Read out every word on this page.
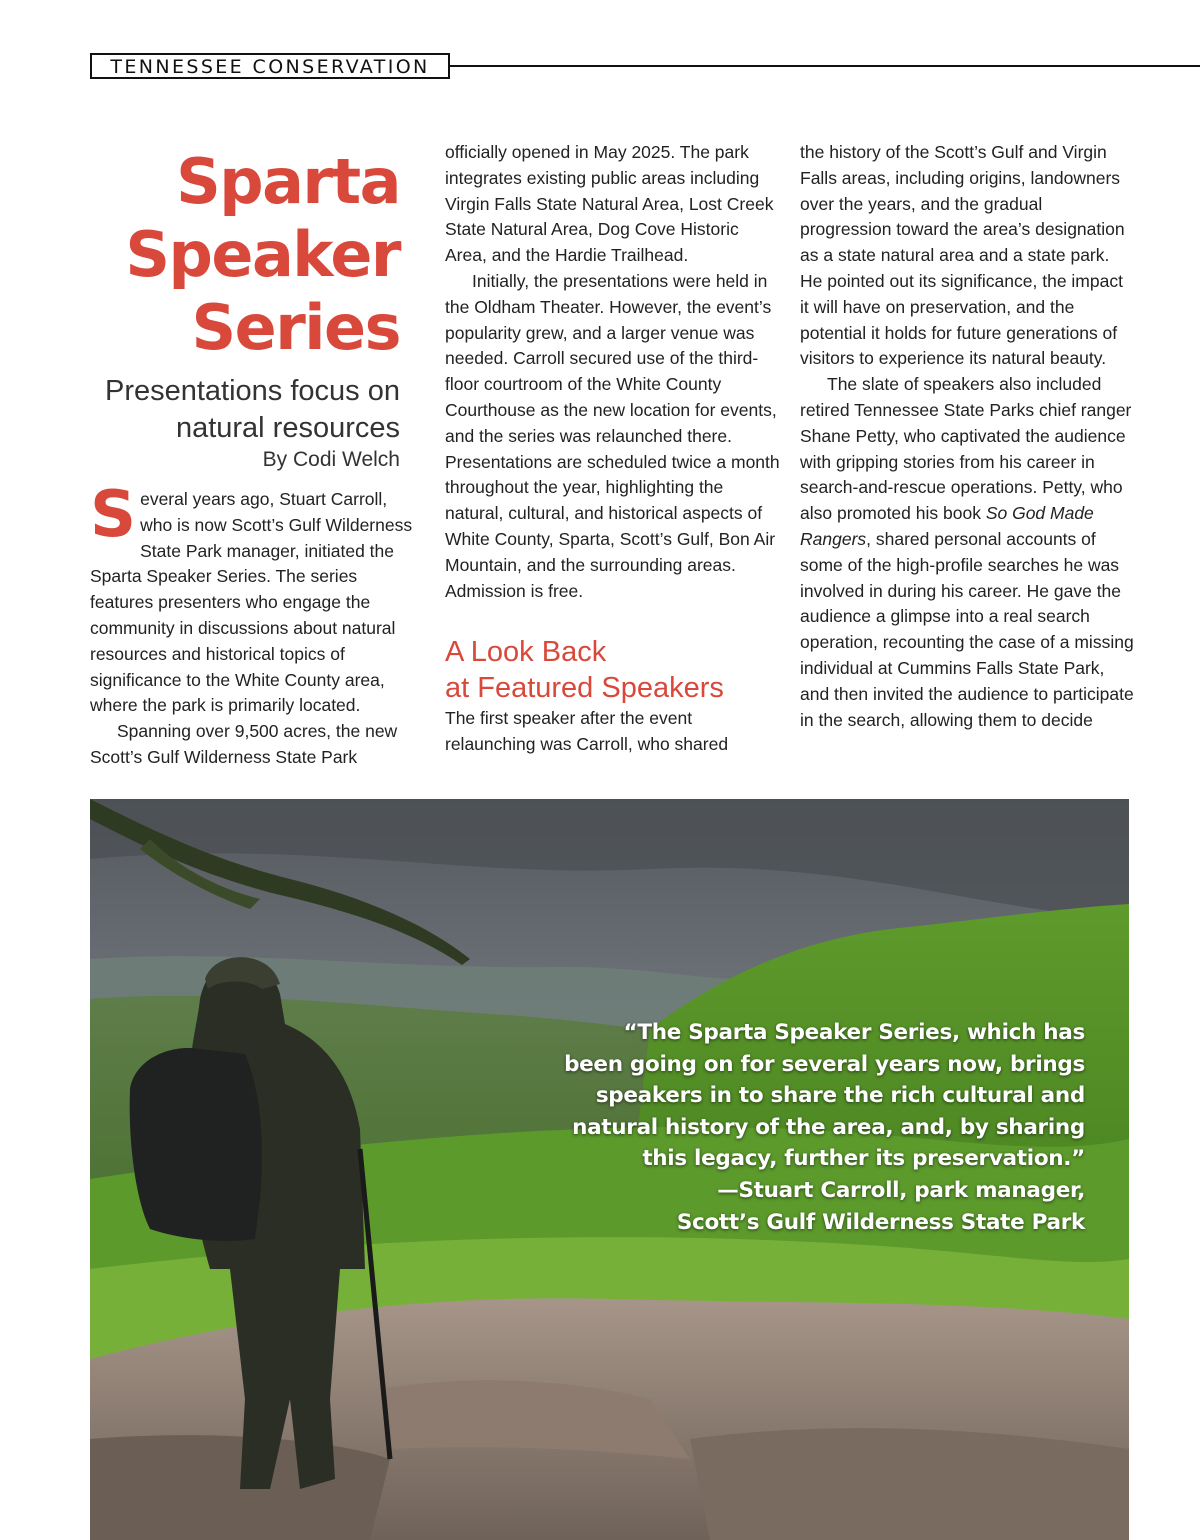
TENNESSEE CONSERVATION
Sparta
Speaker
Series
Presentations focus on
natural resources
By Codi Welch

Several years ago, Stuart Carroll, who is now Scott’s Gulf Wilderness State Park manager, initiated the Sparta Speaker Series. The series features presenters who engage the community in discussions about natural resources and historical topics of significance to the White County area, where the park is primarily located.

Spanning over 9,500 acres, the new Scott’s Gulf Wilderness State Park

officially opened in May 2025. The park integrates existing public areas including Virgin Falls State Natural Area, Lost Creek State Natural Area, Dog Cove Historic Area, and the Hardie Trailhead.

Initially, the presentations were held in the Oldham Theater. However, the event’s popularity grew, and a larger venue was needed. Carroll secured use of the third-floor courtroom of the White County Courthouse as the new location for events, and the series was relaunched there. Presentations are scheduled twice a month throughout the year, highlighting the natural, cultural, and historical aspects of White County, Sparta, Scott’s Gulf, Bon Air Mountain, and the surrounding areas. Admission is free.

A Look Back
at Featured Speakers

The first speaker after the event relaunching was Carroll, who shared

the history of the Scott’s Gulf and Virgin Falls areas, including origins, landowners over the years, and the gradual progression toward the area’s designation as a state natural area and a state park. He pointed out its significance, the impact it will have on preservation, and the potential it holds for future generations of visitors to experience its natural beauty.

The slate of speakers also included retired Tennessee State Parks chief ranger Shane Petty, who captivated the audience with gripping stories from his career in search-and-rescue operations. Petty, who also promoted his book So God Made Rangers, shared personal accounts of some of the high-profile searches he was involved in during his career. He gave the audience a glimpse into a real search operation, recounting the case of a missing individual at Cummins Falls State Park, and then invited the audience to participate in the search, allowing them to decide

“The Sparta Speaker Series, which has
been going on for several years now, brings
speakers in to share the rich cultural and
natural history of the area, and, by sharing
this legacy, further its preservation.”
—Stuart Carroll, park manager,
Scott’s Gulf Wilderness State Park
